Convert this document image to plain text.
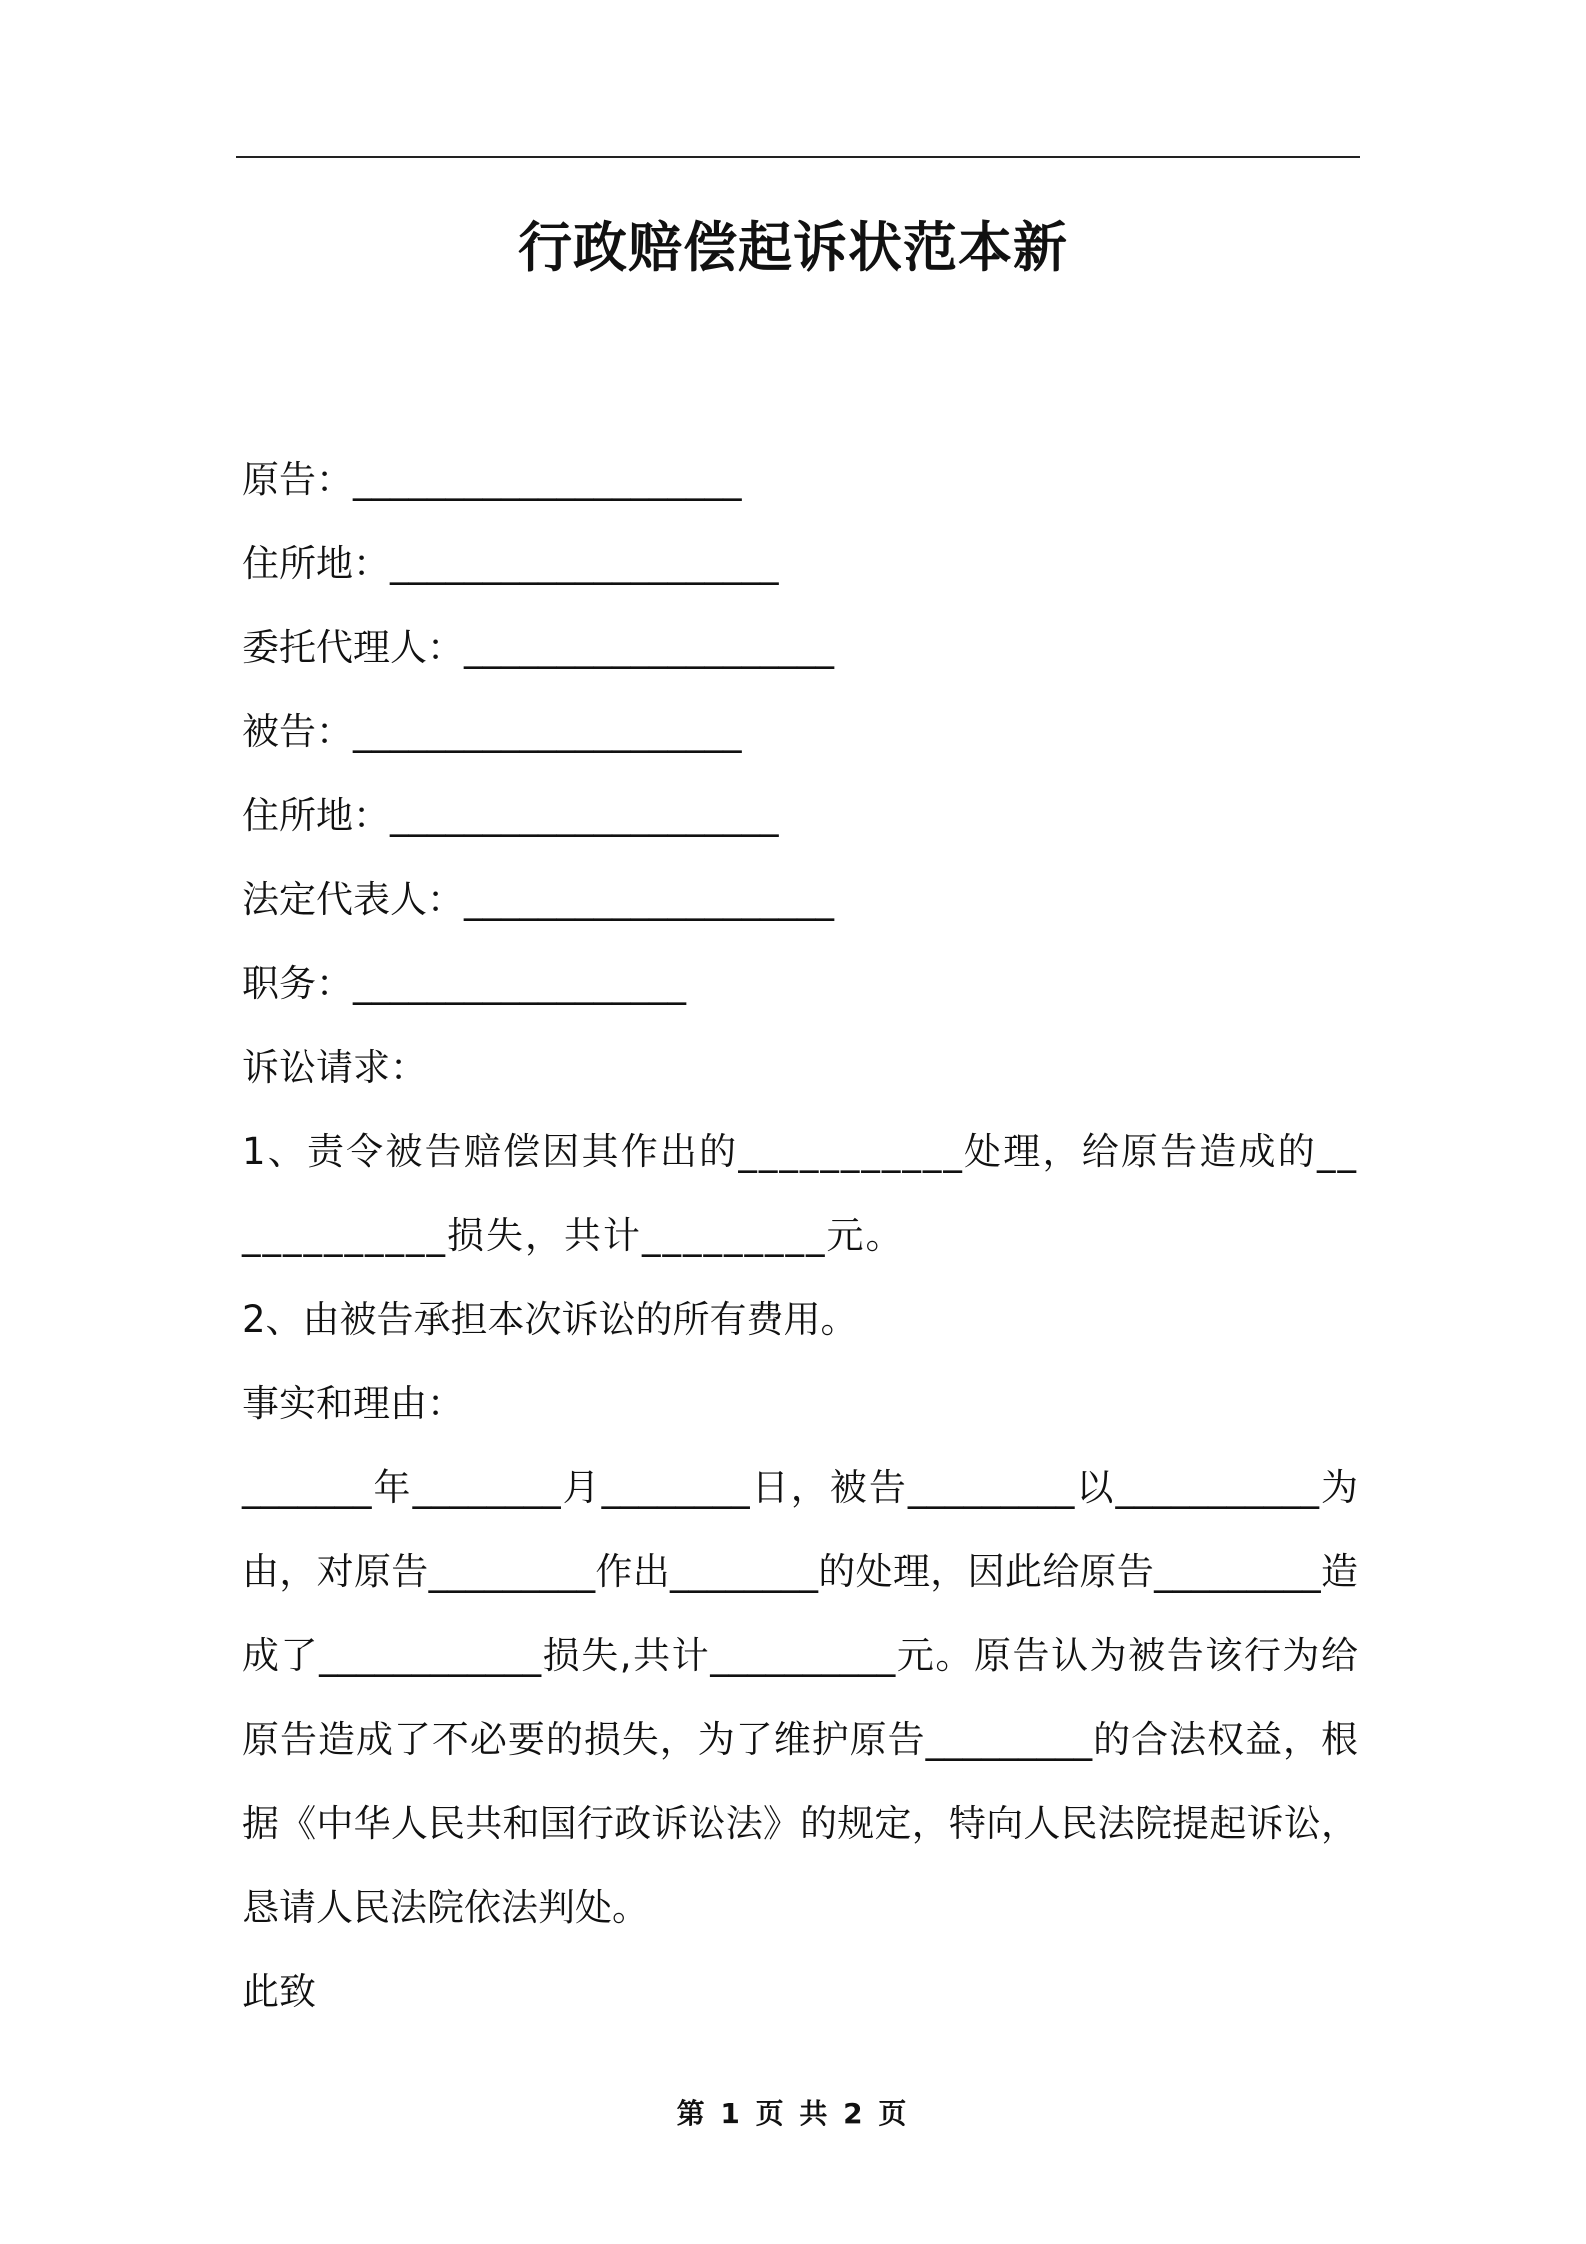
行政赔偿起诉状范本新

原告：_____________________

住所地：_____________________

委托代理人：____________________

被告：_____________________

住所地：_____________________

法定代表人：____________________

职务：__________________

诉讼请求：

1、责令被告赔偿因其作出的___________处理，给原告造成的____________损失，共计_________元。

2、由被告承担本次诉讼的所有费用。

事实和理由：

_______年________月________日，被告_________以___________为由，对原告_________作出________的处理，因此给原告_________造成了____________损失,共计__________元。原告认为被告该行为给原告造成了不必要的损失，为了维护原告_________的合法权益，根据《中华人民共和国行政诉讼法》的规定，特向人民法院提起诉讼，恳请人民法院依法判处。

此致

第 1 页 共 2 页
